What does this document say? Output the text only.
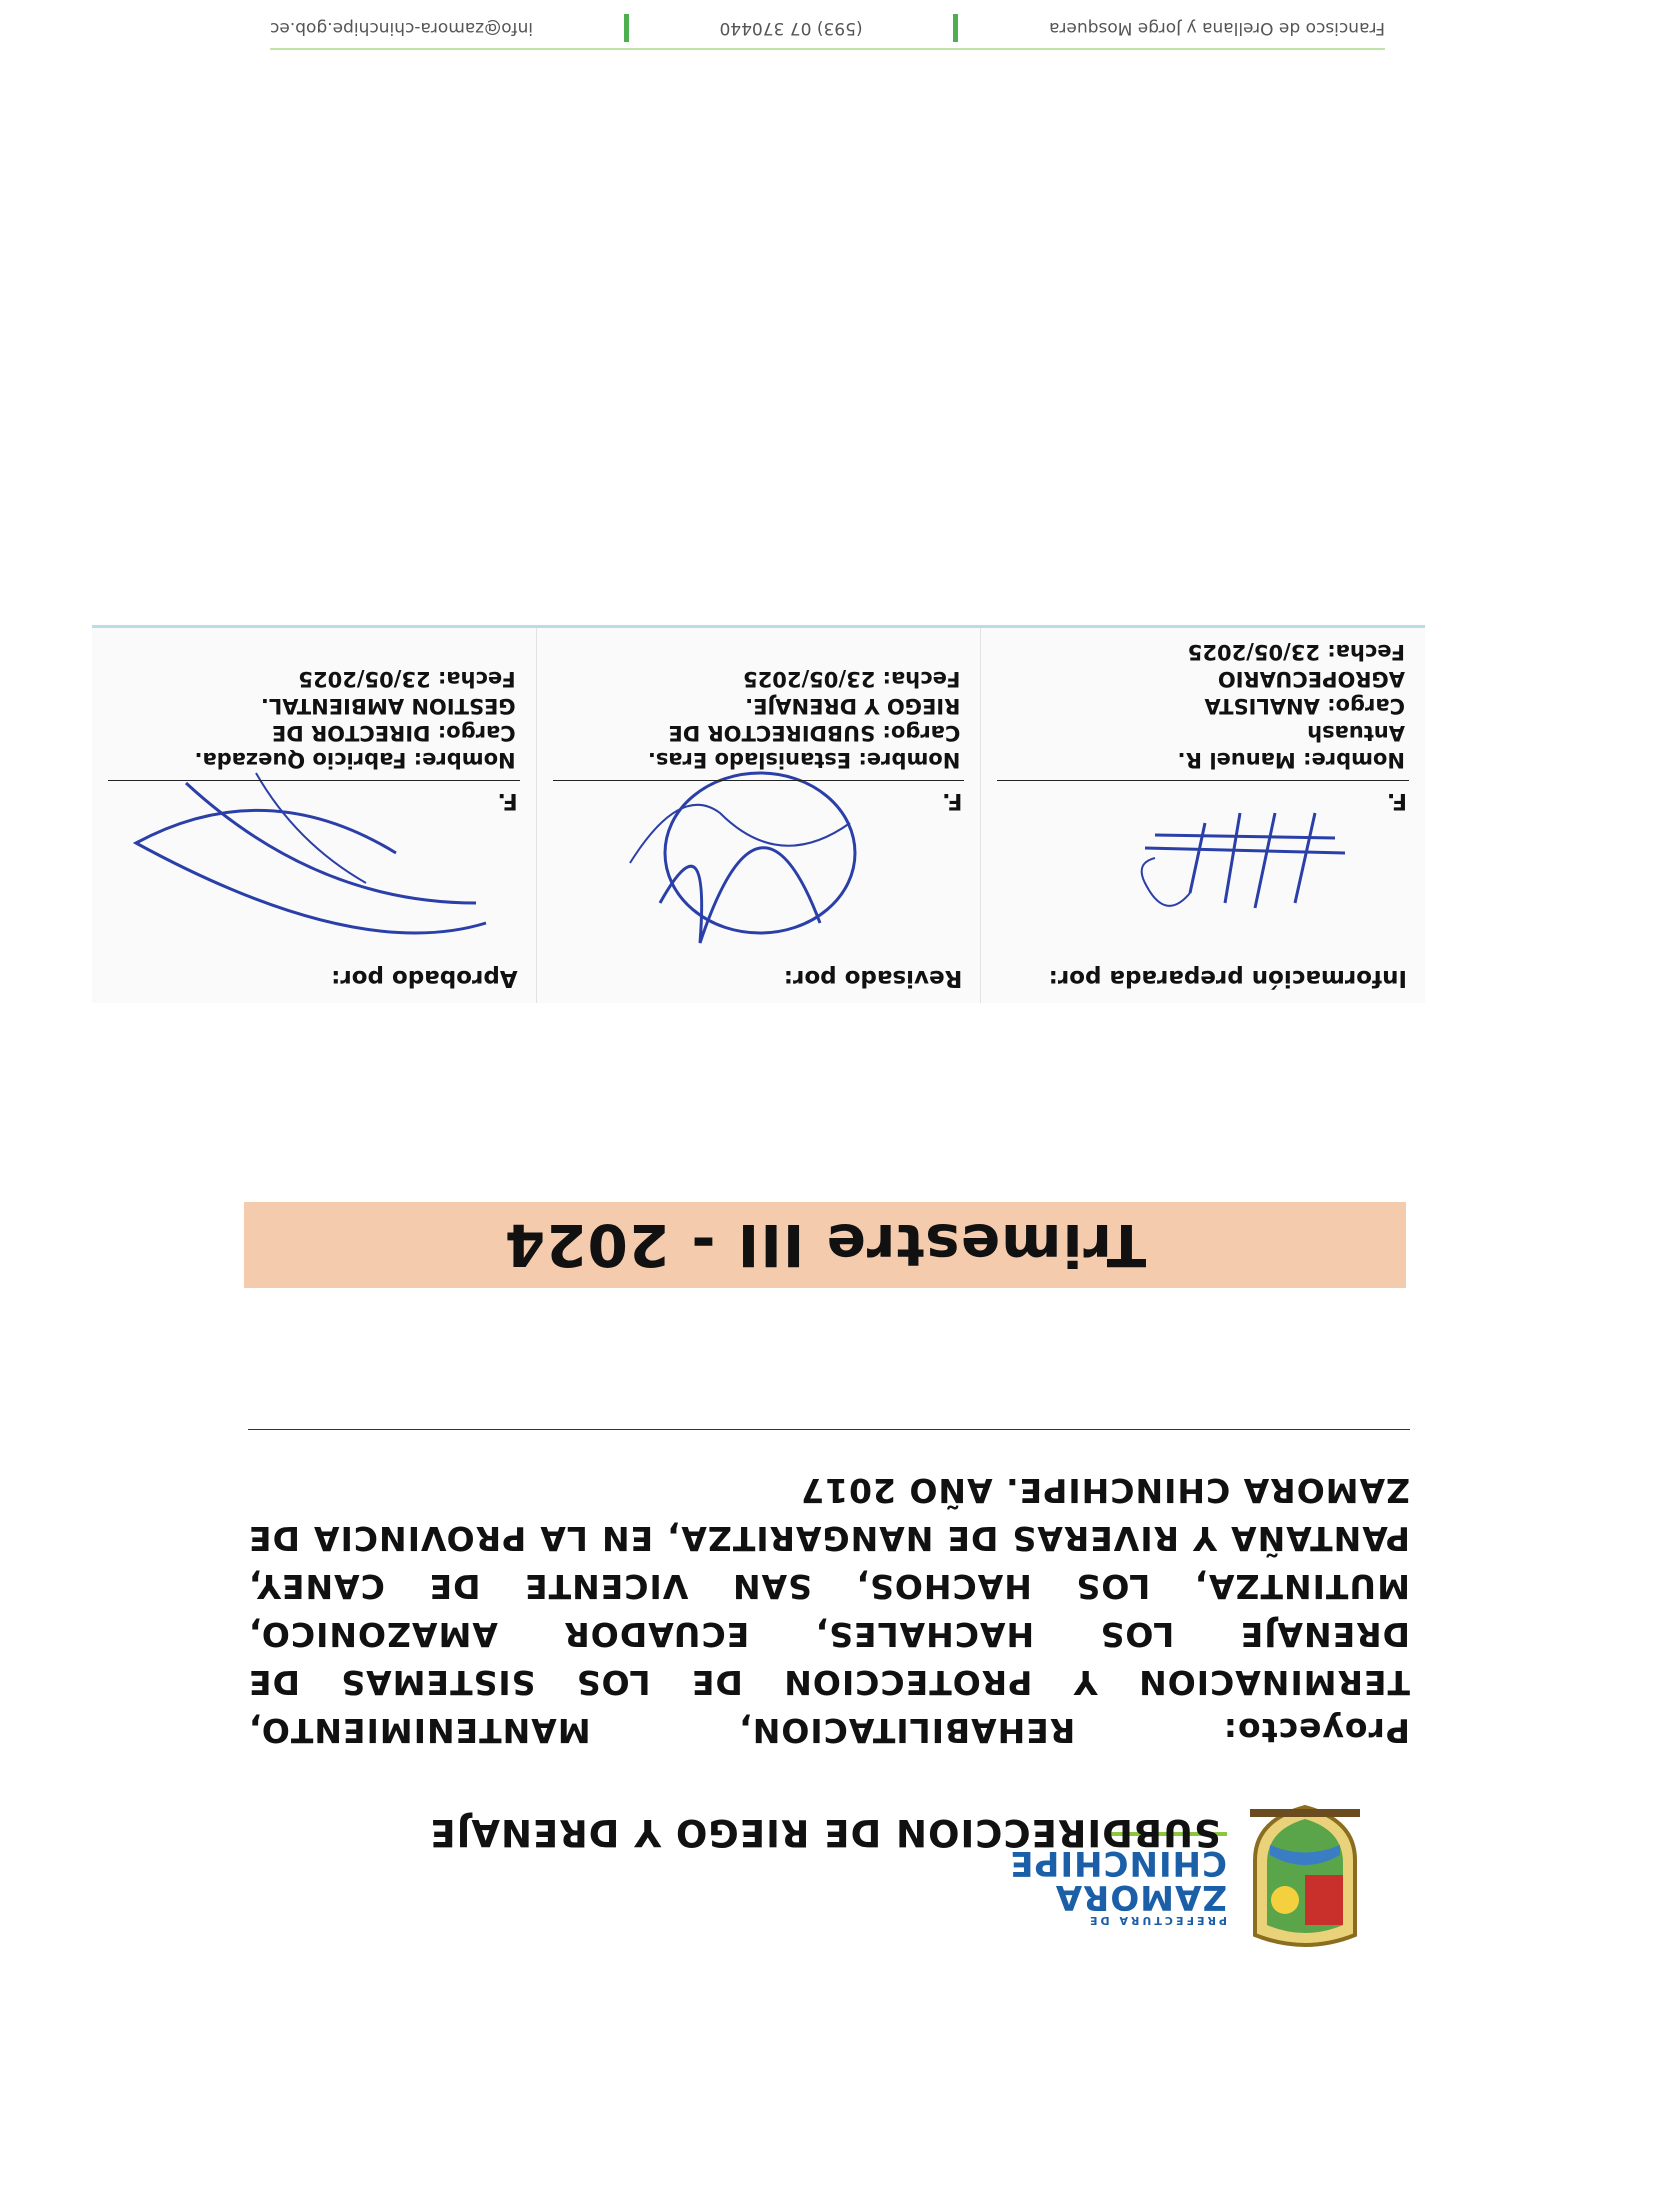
PREFECTURA DE
ZAMORA
CHINCHIPE
SUBDIRECCION DE RIEGO Y DRENAJE
Proyecto: REHABILITACION, MANTENIMIENTO, TERMINACION Y PROTECCION DE LOS SISTEMAS DE DRENAJE LOS HACHALES, ECUADOR AMAZONICO, MUTINTZA, LOS HACHOS, SAN VICENTE DE CANEY, PANTAÑA Y RIVERAS DE NANGARITZA, EN LA PROVINCIA DE ZAMORA CHINCHIPE. AÑO 2017
Trimestre III - 2024
Información preparada por:
F.
Nombre: Manuel R.
Antuash
Cargo: ANALISTA
AGROPECUARIO
Fecha: 23/05/2025
Revisado por:
F.
Nombre: Estanislado Eras.
Cargo: SUBDIRECTOR DE
RIEGO Y DRENAJE.
Fecha: 23/05/2025
Aprobado por:
F.
Nombre: Fabricio Quezada.
Cargo: DIRECTOR DE
GESTION AMBIENTAL.
Fecha: 23/05/2025
Francisco de Orellana y Jorge Mosquera
(593) 07 370440
info@zamora-chinchipe.gob.ec
